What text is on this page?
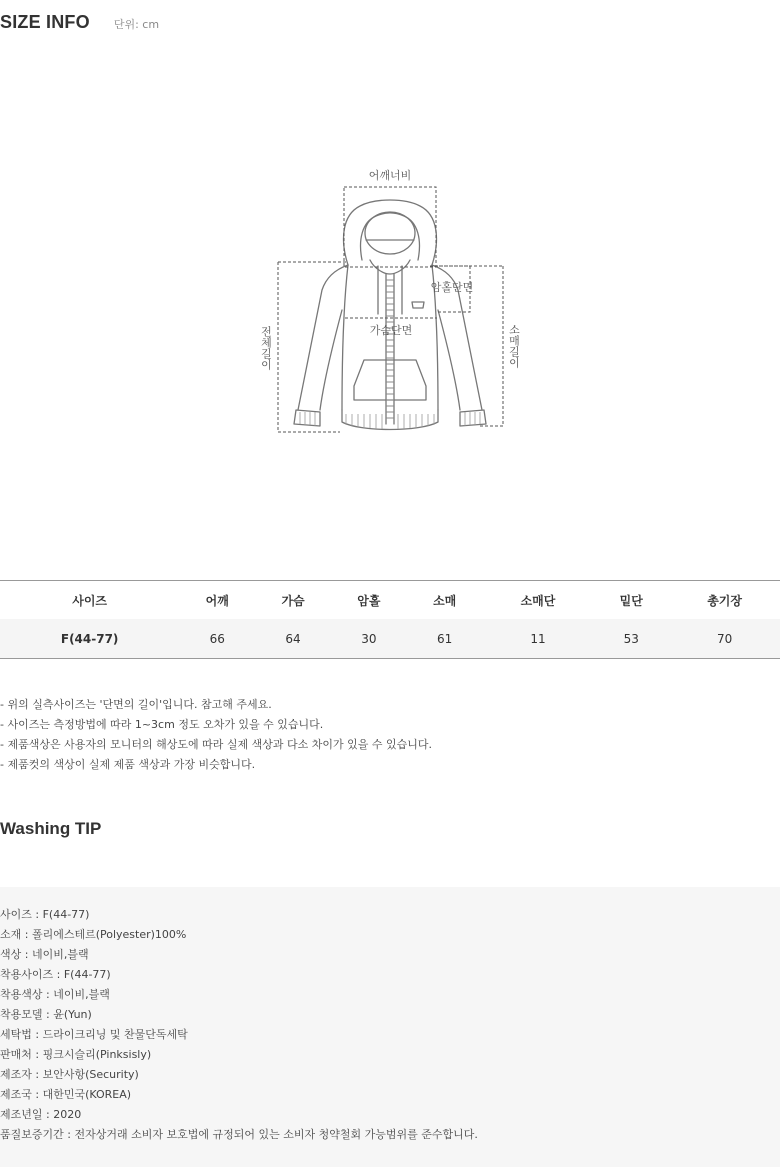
SIZE INFO 단위: cm
어깨너비
암홀단면
가슴단면
전체길이	소매길이
사이즈	어깨	가슴	암홀	소매	소매단	밑단	총기장
F(44-77)	66	64	30	61	11	53	70
- 위의 실측사이즈는 '단면의 길이'입니다. 참고해 주세요.
- 사이즈는 측정방법에 따라 1~3cm 정도 오차가 있을 수 있습니다.
- 제품색상은 사용자의 모니터의 해상도에 따라 실제 색상과 다소 차이가 있을 수 있습니다.
- 제품컷의 색상이 실제 제품 색상과 가장 비슷합니다.
Washing TIP
사이즈 : F(44-77)
소재 : 폴리에스테르(Polyester)100%
색상 : 네이비,블랙
착용사이즈 : F(44-77)
착용색상 : 네이비,블랙
착용모델 : 윤(Yun)
세탁법 : 드라이크리닝 및 찬물단독세탁
판매처 : 핑크시슬리(Pinksisly)
제조자 : 보안사항(Security)
제조국 : 대한민국(KOREA)
제조년일 : 2020
품질보증기간 : 전자상거래 소비자 보호법에 규정되어 있는 소비자 청약철회 가능범위를 준수합니다.
